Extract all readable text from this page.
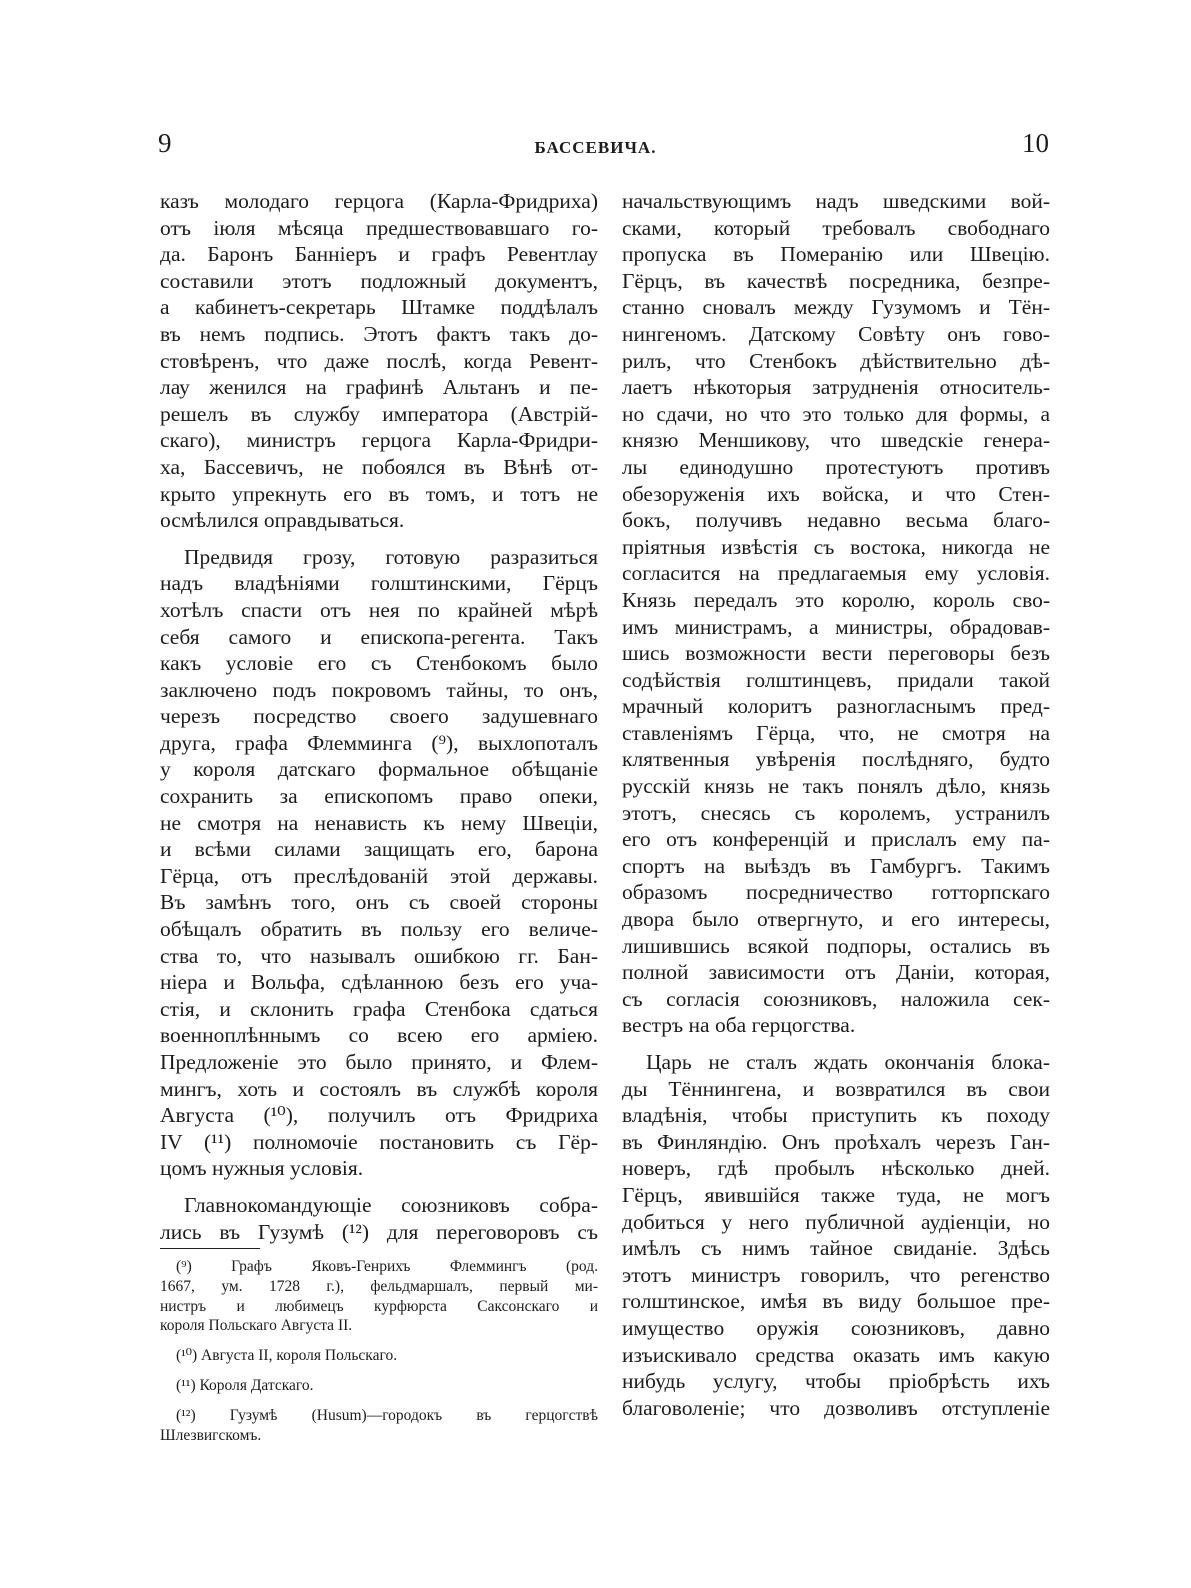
9	БАССЕВИЧА.	10
казъ молодаго герцога (Карла-Фридриха)
отъ іюля мѣсяца предшествовавшаго го-
да. Баронъ Банніеръ и графъ Ревентлау
составили этотъ подложный документъ,
а кабинетъ-секретарь Штамке поддѣлалъ
въ немъ подпись. Этотъ фактъ такъ до-
стовѣренъ, что даже послѣ, когда Ревент-
лау женился на графинѣ Альтанъ и пе-
решелъ въ службу императора (Австрій-
скаго), министръ герцога Карла-Фридри-
ха, Бассевичъ, не побоялся въ Вѣнѣ от-
крыто упрекнуть его въ томъ, и тотъ не
осмѣлился оправдываться.
Предвидя грозу, готовую разразиться
надъ владѣніями голштинскими, Гёрцъ
хотѣлъ спасти отъ нея по крайней мѣрѣ
себя самого и епископа-регента. Такъ
какъ условіе его съ Стенбокомъ было
заключено подъ покровомъ тайны, то онъ,
черезъ посредство своего задушевнаго
друга, графа Флемминга (⁹), выхлопоталъ
у короля датскаго формальное обѣщаніе
сохранить за епископомъ право опеки,
не смотря на ненависть къ нему Швеціи,
и всѣми силами защищать его, барона
Гёрца, отъ преслѣдованій этой державы.
Въ замѣнъ того, онъ съ своей стороны
обѣщалъ обратить въ пользу его величе-
ства то, что называлъ ошибкою гг. Бан-
ніера и Вольфа, сдѣланною безъ его уча-
стія, и склонить графа Стенбока сдаться
военноплѣннымъ со всею его арміею.
Предложеніе это было принято, и Флем-
мингъ, хоть и состоялъ въ службѣ короля
Августа (¹⁰), получилъ отъ Фридриха
IV (¹¹) полномочіе постановить съ Гёр-
цомъ нужныя условія.
Главнокомандующіе союзниковъ собра-
лись въ Гузумѣ (¹²) для переговоровъ съ
начальствующимъ надъ шведскими вой-
сками, который требовалъ свободнаго
пропуска въ Померанію или Швецію.
Гёрцъ, въ качествѣ посредника, безпре-
станно сновалъ между Гузумомъ и Тён-
нингеномъ. Датскому Совѣту онъ гово-
рилъ, что Стенбокъ дѣйствительно дѣ-
лаетъ нѣкоторыя затрудненія относитель-
но сдачи, но что это только для формы, а
князю Меншикову, что шведскіе генера-
лы единодушно протестуютъ противъ
обезоруженія ихъ войска, и что Стен-
бокъ, получивъ недавно весьма благо-
пріятныя извѣстія съ востока, никогда не
согласится на предлагаемыя ему условія.
Князь передалъ это королю, король сво-
имъ министрамъ, а министры, обрадовав-
шись возможности вести переговоры безъ
содѣйствія голштинцевъ, придали такой
мрачный колоритъ разногласнымъ пред-
ставленіямъ Гёрца, что, не смотря на
клятвенныя увѣренія послѣдняго, будто
русскій князь не такъ понялъ дѣло, князь
этотъ, снесясь съ королемъ, устранилъ
его отъ конференцій и прислалъ ему па-
спортъ на выѣздъ въ Гамбургъ. Такимъ
образомъ посредничество готторпскаго
двора было отвергнуто, и его интересы,
лишившись всякой подпоры, остались въ
полной зависимости отъ Даніи, которая,
съ согласія союзниковъ, наложила сек-
вестръ на оба герцогства.
Царь не сталъ ждать окончанія блока-
ды Тённингена, и возвратился въ свои
владѣнія, чтобы приступить къ походу
въ Финляндію. Онъ проѣхалъ черезъ Ган-
новеръ, гдѣ пробылъ нѣсколько дней.
Гёрцъ, явившійся также туда, не могъ
добиться у него публичной аудіенціи, но
имѣлъ съ нимъ тайное свиданіе. Здѣсь
этотъ министръ говорилъ, что регенство
голштинское, имѣя въ виду большое пре-
имущество оружія союзниковъ, давно
изъискивало средства оказать имъ какую
нибудь услугу, чтобы пріобрѣсть ихъ
благоволеніе; что дозволивъ отступленіе
(⁹) Графъ Яковъ-Генрихъ Флеммингъ (род.
1667, ум. 1728 г.), фельдмаршалъ, первый ми-
нистръ и любимецъ курфюрста Саксонскаго и
короля Польскаго Августа II.
(¹⁰) Августа II, короля Польскаго.
(¹¹) Короля Датскаго.
(¹²) Гузумѣ (Husum)—городокъ въ герцогствѣ
Шлезвигскомъ.
